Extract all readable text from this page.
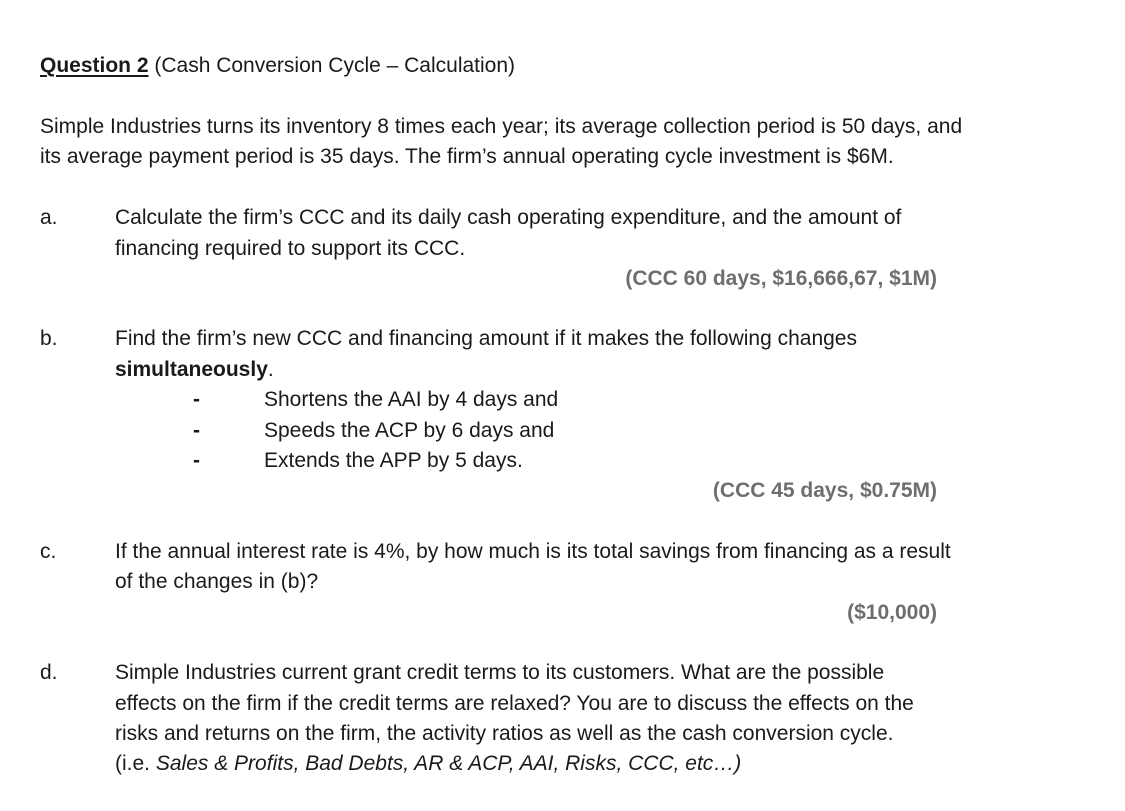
Question 2 (Cash Conversion Cycle – Calculation)
Simple Industries turns its inventory 8 times each year; its average collection period is 50 days, and
its average payment period is 35 days. The firm’s annual operating cycle investment is $6M.
a.	Calculate the firm’s CCC and its daily cash operating expenditure, and the amount of
financing required to support its CCC.
(CCC 60 days, $16,666,67, $1M)
b.	Find the firm’s new CCC and financing amount if it makes the following changes
simultaneously.
-	Shortens the AAI by 4 days and
-	Speeds the ACP by 6 days and
-	Extends the APP by 5 days.
(CCC 45 days, $0.75M)
c.	If the annual interest rate is 4%, by how much is its total savings from financing as a result
of the changes in (b)?
($10,000)
d.	Simple Industries current grant credit terms to its customers. What are the possible
effects on the firm if the credit terms are relaxed? You are to discuss the effects on the
risks and returns on the firm, the activity ratios as well as the cash conversion cycle.
(i.e. Sales & Profits, Bad Debts, AR & ACP, AAI, Risks, CCC, etc…)
